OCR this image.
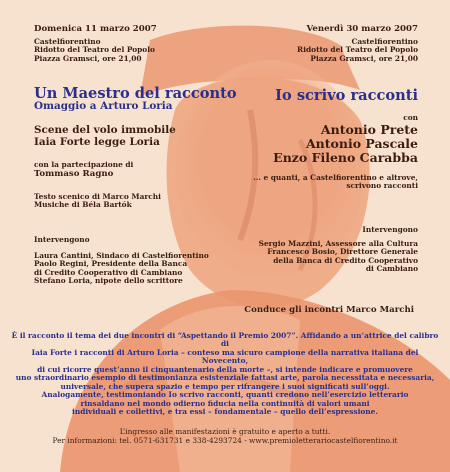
Domenica 11 marzo 2007

Castelfiorentino
Ridotto del Teatro del Popolo
Piazza Gramsci, ore 21,00

Un Maestro del racconto

Omaggio a Arturo Loria

Scene del volo immobile
Iaia Forte legge Loria

con la partecipazione di

Tommaso Ragno

Testo scenico di Marco Marchi
Musiche di Béla Bartók

Intervengono

Laura Cantini, Sindaco di Castelfiorentino
Paolo Regini, Presidente della Banca
di Credito Cooperativo di Cambiano
Stefano Loria, nipote dello scrittore

Venerdì 30 marzo 2007

Castelfiorentino
Ridotto del Teatro del Popolo
Piazza Gramsci, ore 21,00

Io scrivo racconti

con

Antonio Prete
Antonio Pascale
Enzo Fileno Carabba
... e quanti, a Castelfiorentino e altrove,
scrivono racconti

Intervengono

Sergio Mazzini, Assessore alla Cultura
Francesco Bosio, Direttore Generale
della Banca di Credito Cooperativo
di Cambiano

Conduce gli incontri Marco Marchi

È il racconto il tema dei due incontri di “Aspettando il Premio 2007”. Affidando a un’attrice del calibro di
Iaia Forte i racconti di Arturo Loria – conteso ma sicuro campione della narrativa italiana del Novecento,
di cui ricorre quest’anno il cinquantenario della morte –, si intende indicare e promuovere
uno straordinario esempio di testimonianza esistenziale fattasi arte, parola necessitata e necessaria,
universale, che supera spazio e tempo per rifrangere i suoi significati sull’oggi.
Analogamente, testimoniando Io scrivo racconti, quanti credono nell’esercizio letterario
rinsaldano nel mondo odierno fiducia nella continuità di valori umani
individuali e collettivi, e tra essi – fondamentale – quello dell’espressione.
L’ingresso alle manifestazioni è gratuito e aperto a tutti.
Per informazioni: tel. 0571-631731 e 338-4293724 - www.premioletterariocastelfiorentino.it
